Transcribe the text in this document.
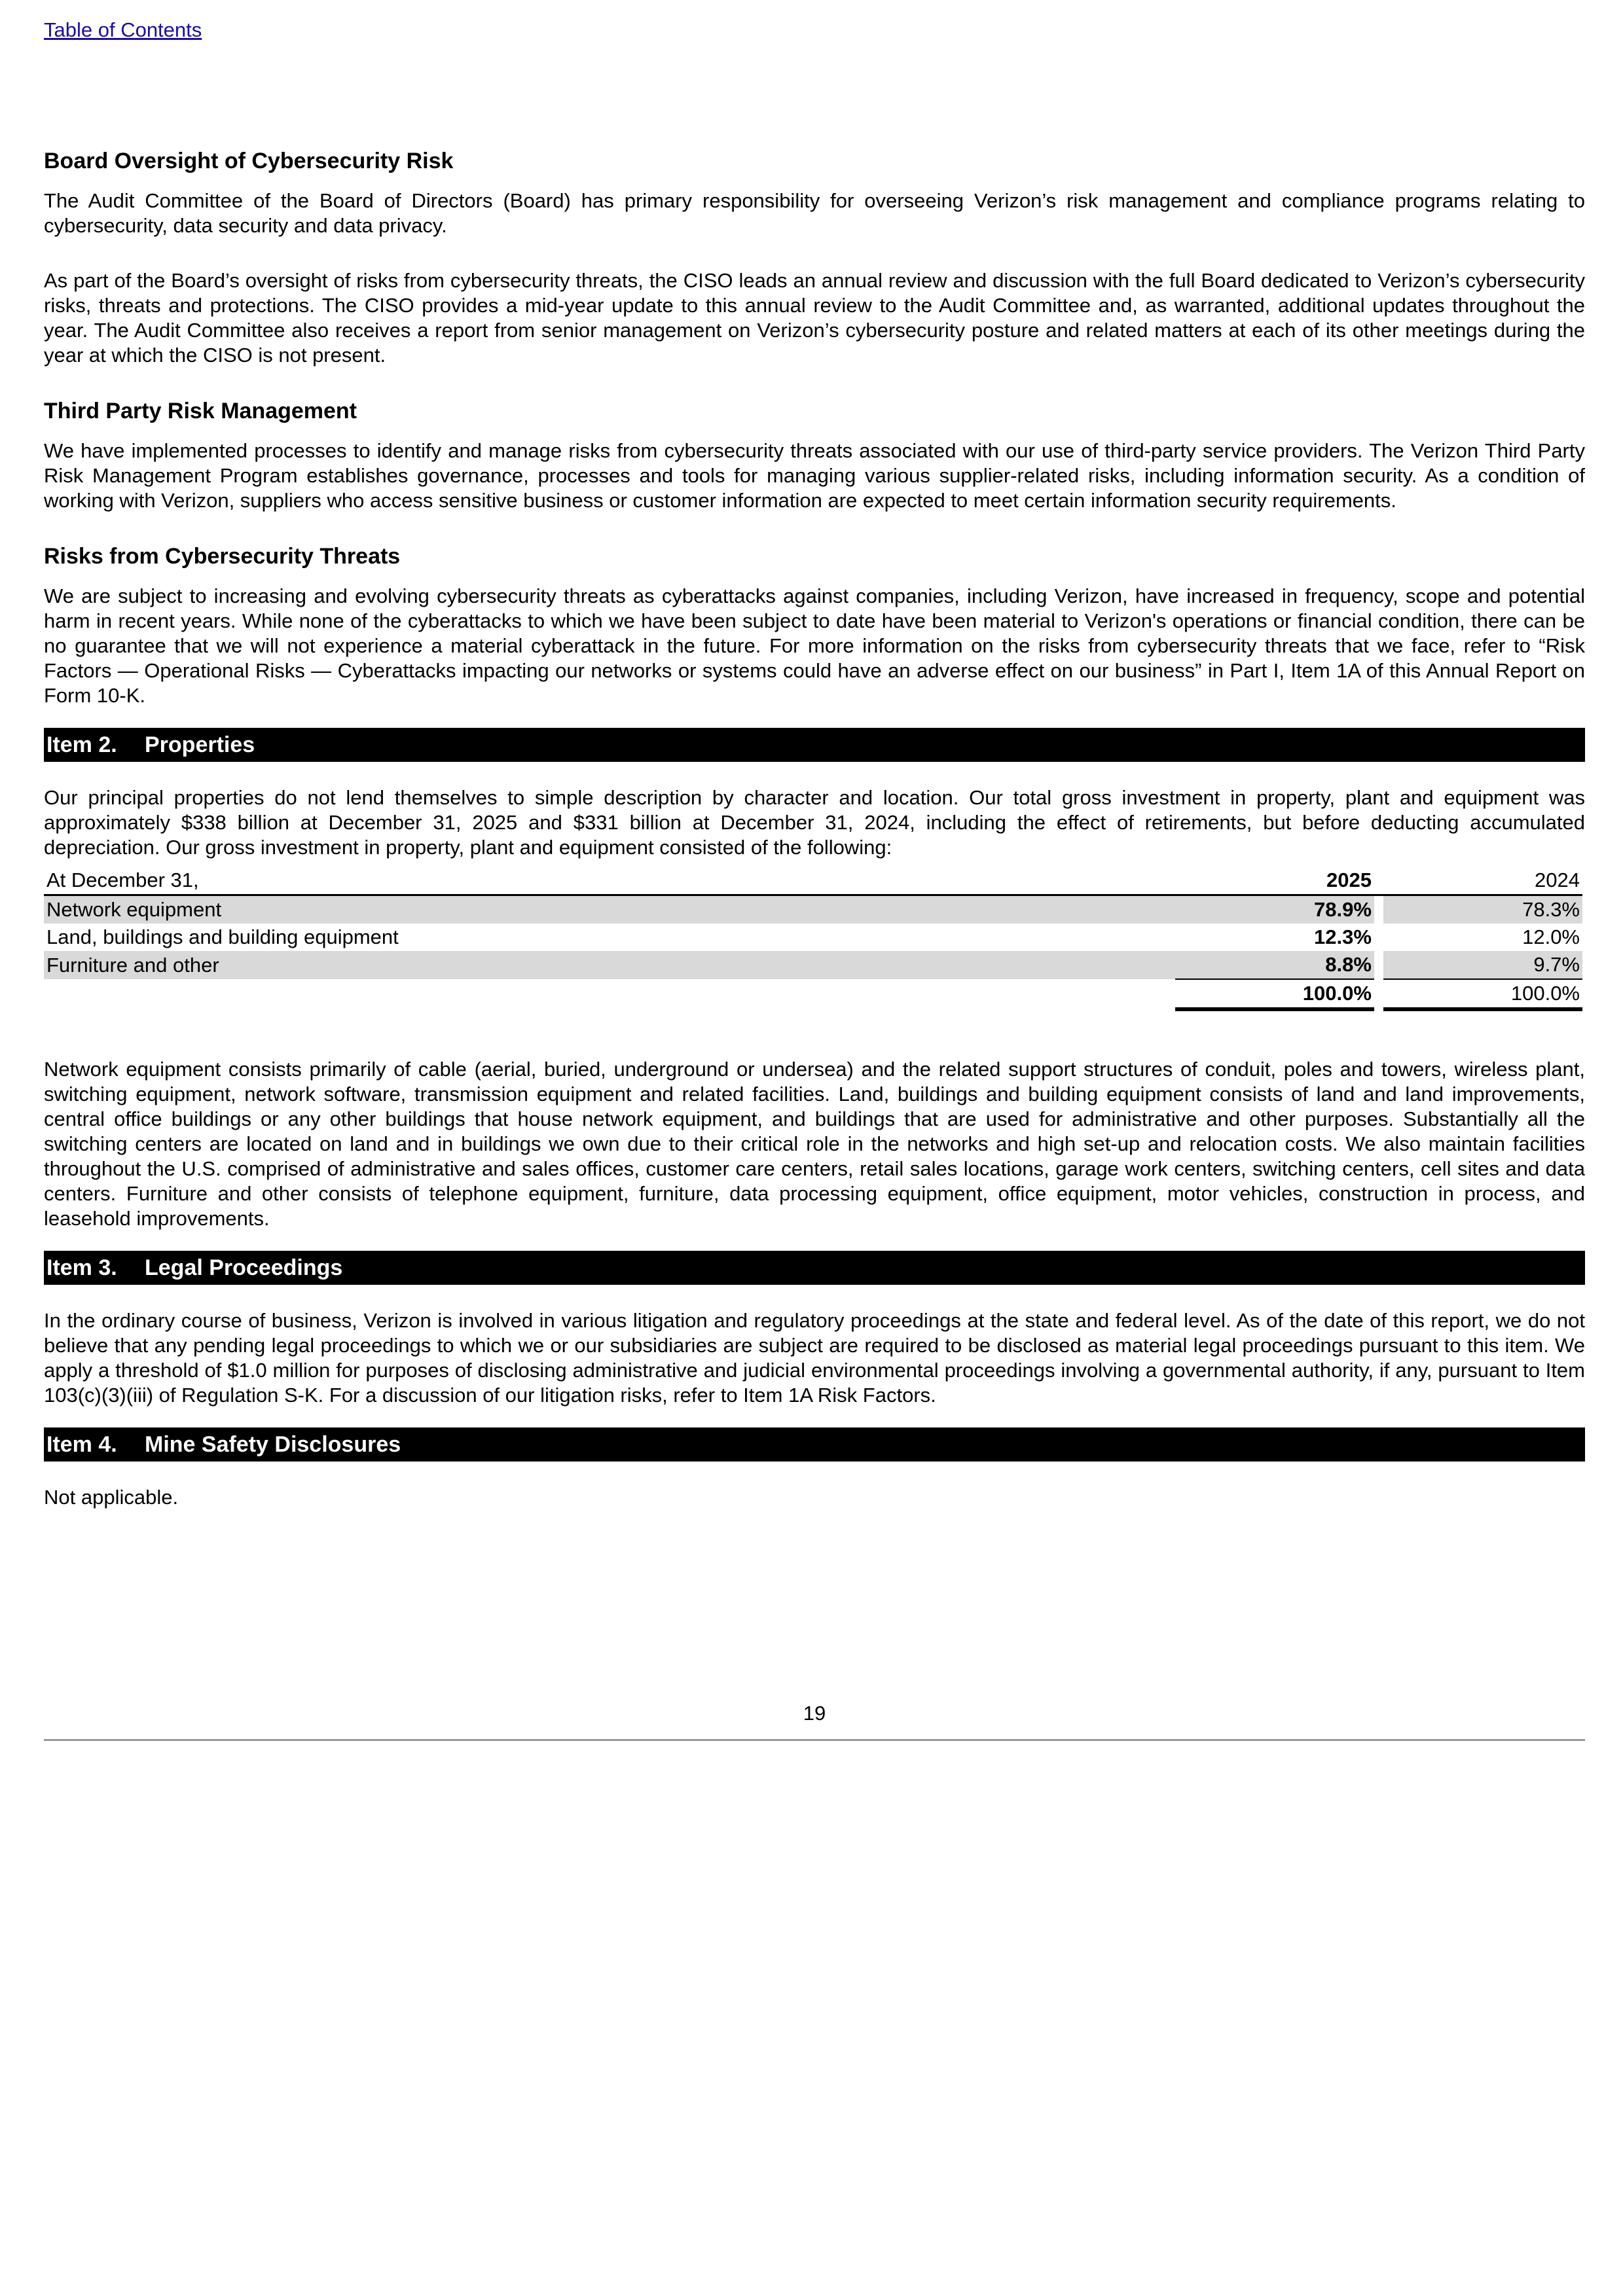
Table of Contents
Board Oversight of Cybersecurity Risk

The Audit Committee of the Board of Directors (Board) has primary responsibility for overseeing Verizon’s risk management and compliance programs relating to cybersecurity, data security and data privacy.

As part of the Board’s oversight of risks from cybersecurity threats, the CISO leads an annual review and discussion with the full Board dedicated to Verizon’s cybersecurity risks, threats and protections. The CISO provides a mid-year update to this annual review to the Audit Committee and, as warranted, additional updates throughout the year. The Audit Committee also receives a report from senior management on Verizon’s cybersecurity posture and related matters at each of its other meetings during the year at which the CISO is not present.

Third Party Risk Management

We have implemented processes to identify and manage risks from cybersecurity threats associated with our use of third-party service providers. The Verizon Third Party Risk Management Program establishes governance, processes and tools for managing various supplier-related risks, including information security. As a condition of working with Verizon, suppliers who access sensitive business or customer information are expected to meet certain information security requirements.

Risks from Cybersecurity Threats

We are subject to increasing and evolving cybersecurity threats as cyberattacks against companies, including Verizon, have increased in frequency, scope and potential harm in recent years. While none of the cyberattacks to which we have been subject to date have been material to Verizon's operations or financial condition, there can be no guarantee that we will not experience a material cyberattack in the future. For more information on the risks from cybersecurity threats that we face, refer to “Risk Factors — Operational Risks — Cyberattacks impacting our networks or systems could have an adverse effect on our business” in Part I, Item 1A of this Annual Report on Form 10-K.

Item 2. Properties

Our principal properties do not lend themselves to simple description by character and location. Our total gross investment in property, plant and equipment was approximately $338 billion at December 31, 2025 and $331 billion at December 31, 2024, including the effect of retirements, but before deducting accumulated depreciation. Our gross investment in property, plant and equipment consisted of the following:

At December 31,	2025		2024
Network equipment	78.9%		78.3%
Land, buildings and building equipment	12.3%		12.0%
Furniture and other	8.8%		9.7%
	100.0%		100.0%

Network equipment consists primarily of cable (aerial, buried, underground or undersea) and the related support structures of conduit, poles and towers, wireless plant, switching equipment, network software, transmission equipment and related facilities. Land, buildings and building equipment consists of land and land improvements, central office buildings or any other buildings that house network equipment, and buildings that are used for administrative and other purposes. Substantially all the switching centers are located on land and in buildings we own due to their critical role in the networks and high set-up and relocation costs. We also maintain facilities throughout the U.S. comprised of administrative and sales offices, customer care centers, retail sales locations, garage work centers, switching centers, cell sites and data centers. Furniture and other consists of telephone equipment, furniture, data processing equipment, office equipment, motor vehicles, construction in process, and leasehold improvements.

Item 3. Legal Proceedings

In the ordinary course of business, Verizon is involved in various litigation and regulatory proceedings at the state and federal level. As of the date of this report, we do not believe that any pending legal proceedings to which we or our subsidiaries are subject are required to be disclosed as material legal proceedings pursuant to this item. We apply a threshold of $1.0 million for purposes of disclosing administrative and judicial environmental proceedings involving a governmental authority, if any, pursuant to Item 103(c)(3)(iii) of Regulation S-K. For a discussion of our litigation risks, refer to Item 1A Risk Factors.

Item 4. Mine Safety Disclosures

Not applicable.

19
